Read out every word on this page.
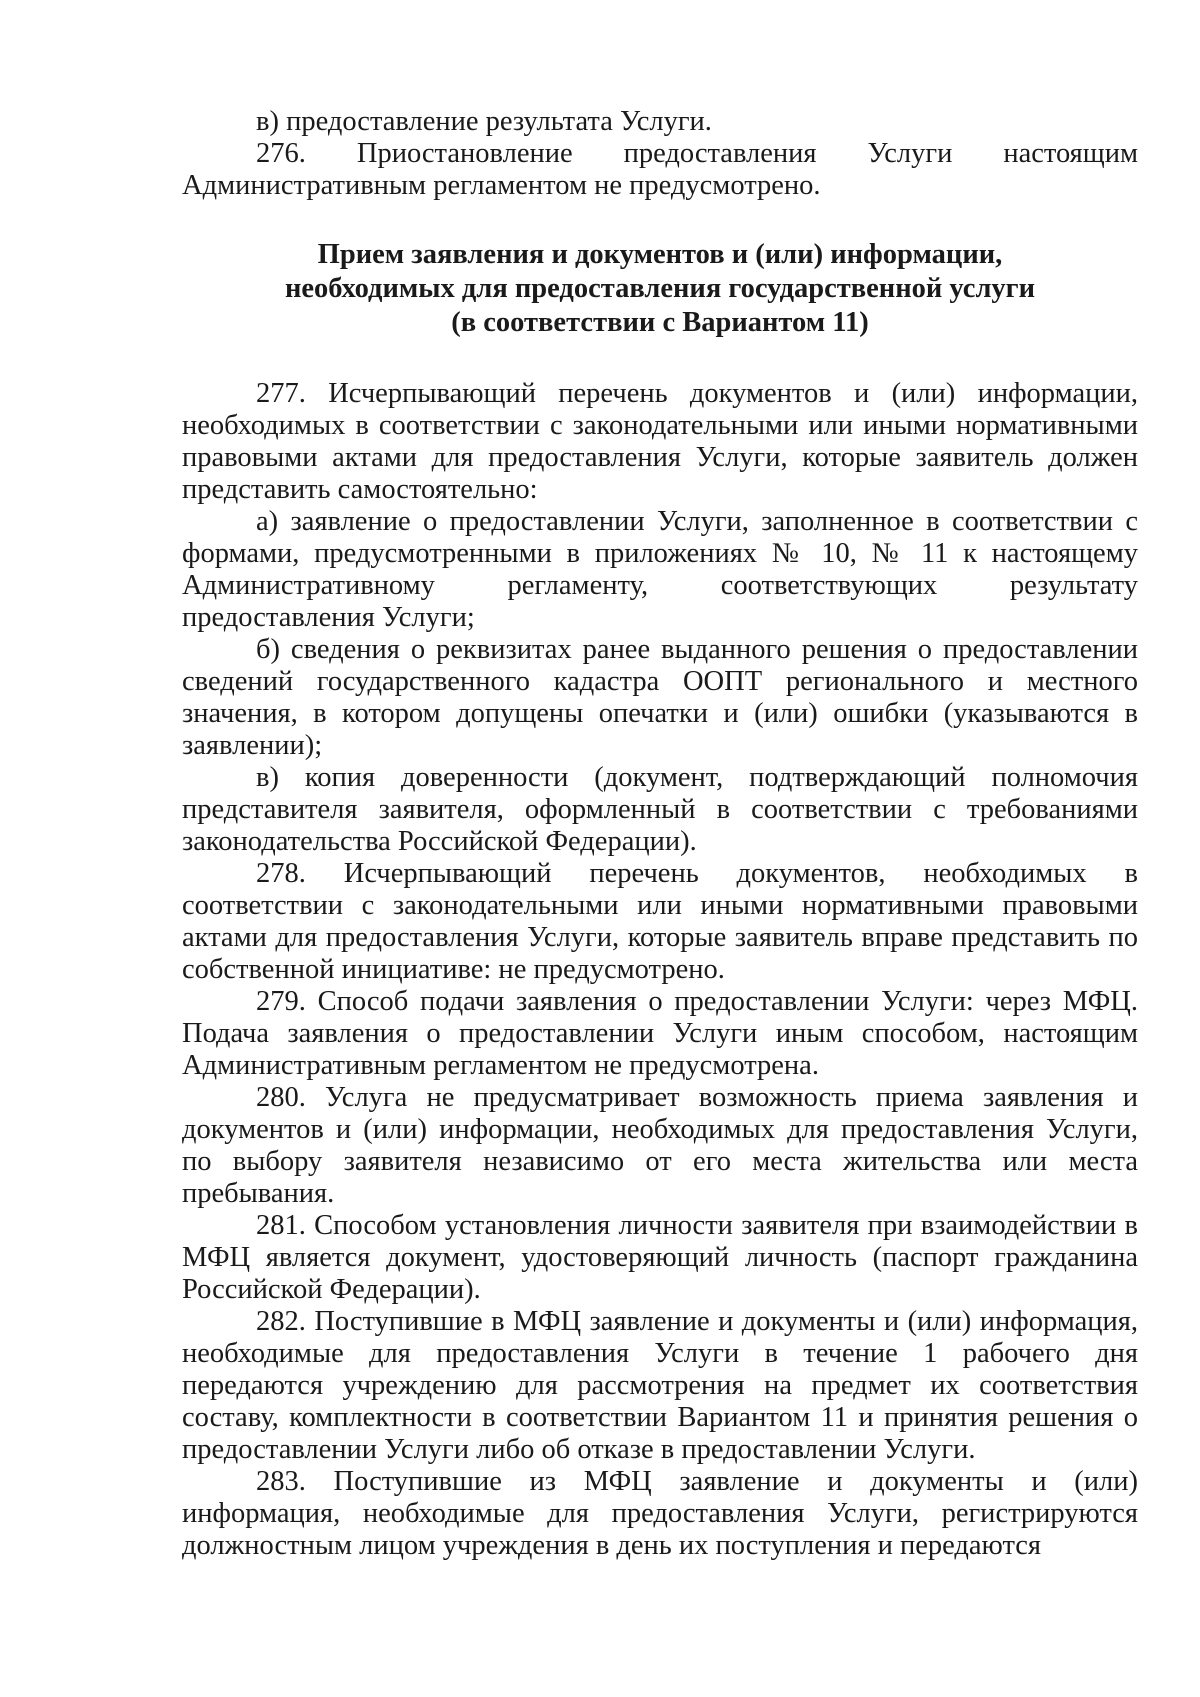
в) предоставление результата Услуги.

276. Приостановление предоставления Услуги настоящим Административным регламентом не предусмотрено.

Прием заявления и документов и (или) информации,
необходимых для предоставления государственной услуги
(в соответствии с Вариантом 11)

277. Исчерпывающий перечень документов и (или) информации, необходимых в соответствии с законодательными или иными нормативными правовыми актами для предоставления Услуги, которые заявитель должен представить самостоятельно:

а) заявление о предоставлении Услуги, заполненное в соответствии с формами, предусмотренными в приложениях № 10, № 11 к настоящему Административному регламенту, соответствующих результату предоставления Услуги;

б) сведения о реквизитах ранее выданного решения о предоставлении сведений государственного кадастра ООПТ регионального и местного значения, в котором допущены опечатки и (или) ошибки (указываются в заявлении);

в) копия доверенности (документ, подтверждающий полномочия представителя заявителя, оформленный в соответствии с требованиями законодательства Российской Федерации).

278. Исчерпывающий перечень документов, необходимых в соответствии с законодательными или иными нормативными правовыми актами для предоставления Услуги, которые заявитель вправе представить по собственной инициативе: не предусмотрено.

279. Способ подачи заявления о предоставлении Услуги: через МФЦ. Подача заявления о предоставлении Услуги иным способом, настоящим Административным регламентом не предусмотрена.

280. Услуга не предусматривает возможность приема заявления и документов и (или) информации, необходимых для предоставления Услуги, по выбору заявителя независимо от его места жительства или места пребывания.

281. Способом установления личности заявителя при взаимодействии в МФЦ является документ, удостоверяющий личность (паспорт гражданина Российской Федерации).

282. Поступившие в МФЦ заявление и документы и (или) информация, необходимые для предоставления Услуги в течение 1 рабочего дня передаются учреждению для рассмотрения на предмет их соответствия составу, комплектности в соответствии Вариантом 11 и принятия решения о предоставлении Услуги либо об отказе в предоставлении Услуги.

283. Поступившие из МФЦ заявление и документы и (или) информация, необходимые для предоставления Услуги, регистрируются должностным лицом учреждения в день их поступления и передаются
